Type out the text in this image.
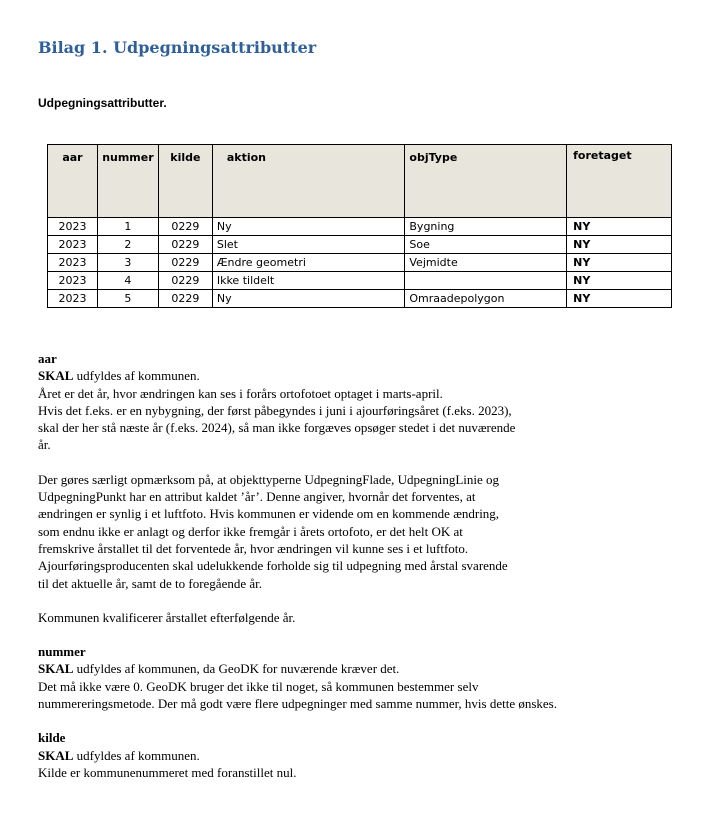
Bilag 1. Udpegningsattributter
Udpegningsattributter.
aar	nummer	kilde	aktion	objType	foretaget
2023	1	0229	Ny	Bygning	NY
2023	2	0229	Slet	Soe	NY
2023	3	0229	Ændre geometri	Vejmidte	NY
2023	4	0229	Ikke tildelt		NY
2023	5	0229	Ny	Omraadepolygon	NY

aar
SKAL udfyldes af kommunen.
Året er det år, hvor ændringen kan ses i forårs ortofotoet optaget i marts-april.
Hvis det f.eks. er en nybygning, der først påbegyndes i juni i ajourføringsåret (f.eks. 2023),
skal der her stå næste år (f.eks. 2024), så man ikke forgæves opsøger stedet i det nuværende
år.

Der gøres særligt opmærksom på, at objekttyperne UdpegningFlade, UdpegningLinie og
UdpegningPunkt har en attribut kaldet ’år’. Denne angiver, hvornår det forventes, at
ændringen er synlig i et luftfoto. Hvis kommunen er vidende om en kommende ændring,
som endnu ikke er anlagt og derfor ikke fremgår i årets ortofoto, er det helt OK at
fremskrive årstallet til det forventede år, hvor ændringen vil kunne ses i et luftfoto.
Ajourføringsproducenten skal udelukkende forholde sig til udpegning med årstal svarende
til det aktuelle år, samt de to foregående år.

Kommunen kvalificerer årstallet efterfølgende år.

nummer
SKAL udfyldes af kommunen, da GeoDK for nuværende kræver det.
Det må ikke være 0. GeoDK bruger det ikke til noget, så kommunen bestemmer selv
nummereringsmetode. Der må godt være flere udpegninger med samme nummer, hvis dette ønskes.

kilde
SKAL udfyldes af kommunen.
Kilde er kommunenummeret med foranstillet nul.
